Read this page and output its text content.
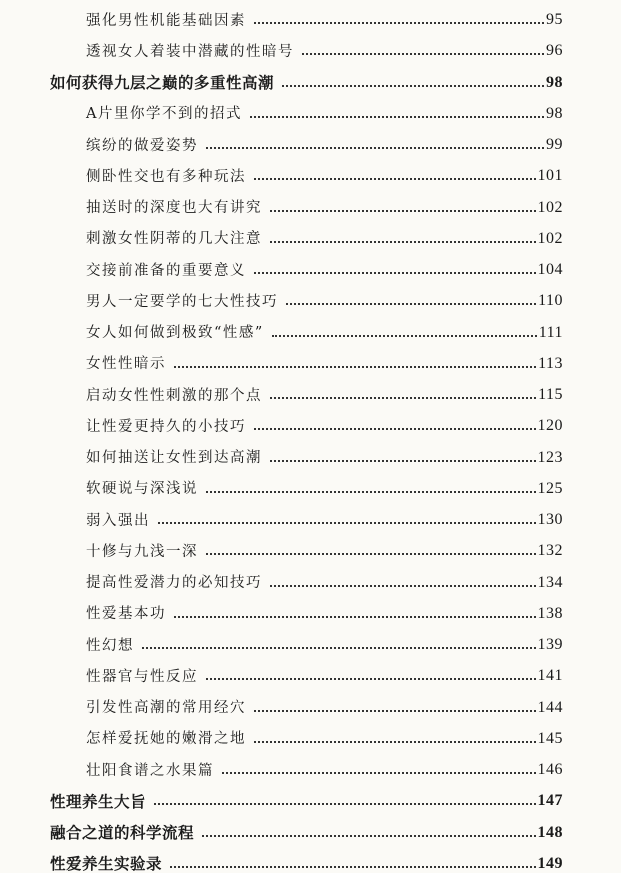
强化男性机能基础因素	95
透视女人着装中潜藏的性暗号	96
如何获得九层之巅的多重性高潮	98
A片里你学不到的招式	98
缤纷的做爱姿势	99
侧卧性交也有多种玩法	101
抽送时的深度也大有讲究	102
刺激女性阴蒂的几大注意	102
交接前准备的重要意义	104
男人一定要学的七大性技巧	110
女人如何做到极致“性感”	111
女性性暗示	113
启动女性性刺激的那个点	115
让性爱更持久的小技巧	120
如何抽送让女性到达高潮	123
软硬说与深浅说	125
弱入强出	130
十修与九浅一深	132
提高性爱潜力的必知技巧	134
性爱基本功	138
性幻想	139
性器官与性反应	141
引发性高潮的常用经穴	144
怎样爱抚她的嫩滑之地	145
壮阳食谱之水果篇	146
性理养生大旨	147
融合之道的科学流程	148
性爱养生实验录	149
